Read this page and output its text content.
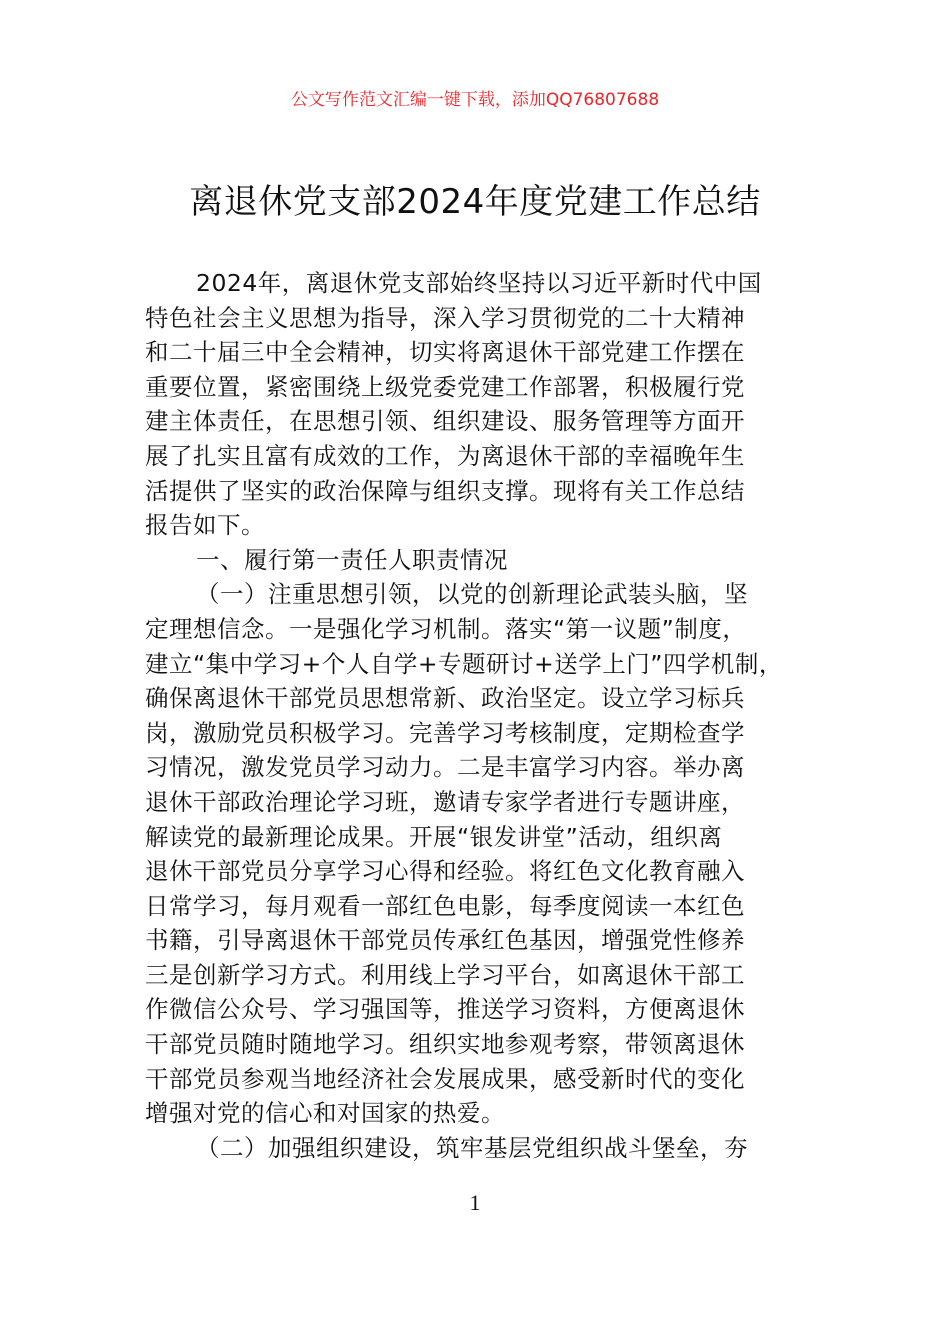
公文写作范文汇编一键下载，添加QQ76807688
离退休党支部2024年度党建工作总结
2024年，离退休党支部始终坚持以习近平新时代中国
特色社会主义思想为指导，深入学习贯彻党的二十大精神
和二十届三中全会精神，切实将离退休干部党建工作摆在
重要位置，紧密围绕上级党委党建工作部署，积极履行党
建主体责任，在思想引领、组织建设、服务管理等方面开
展了扎实且富有成效的工作，为离退休干部的幸福晚年生
活提供了坚实的政治保障与组织支撑。现将有关工作总结
报告如下。
一、履行第一责任人职责情况
（一）注重思想引领，以党的创新理论武装头脑，坚
定理想信念。一是强化学习机制。落实“第一议题”制度，
建立“集中学习+个人自学+专题研讨+送学上门”四学机制，
确保离退休干部党员思想常新、政治坚定。设立学习标兵
岗，激励党员积极学习。完善学习考核制度，定期检查学
习情况，激发党员学习动力。二是丰富学习内容。举办离
退休干部政治理论学习班，邀请专家学者进行专题讲座，
解读党的最新理论成果。开展“银发讲堂”活动，组织离
退休干部党员分享学习心得和经验。将红色文化教育融入
日常学习，每月观看一部红色电影，每季度阅读一本红色
书籍，引导离退休干部党员传承红色基因，增强党性修养
三是创新学习方式。利用线上学习平台，如离退休干部工
作微信公众号、学习强国等，推送学习资料，方便离退休
干部党员随时随地学习。组织实地参观考察，带领离退休
干部党员参观当地经济社会发展成果，感受新时代的变化
增强对党的信心和对国家的热爱。
（二）加强组织建设，筑牢基层党组织战斗堡垒，夯
1
